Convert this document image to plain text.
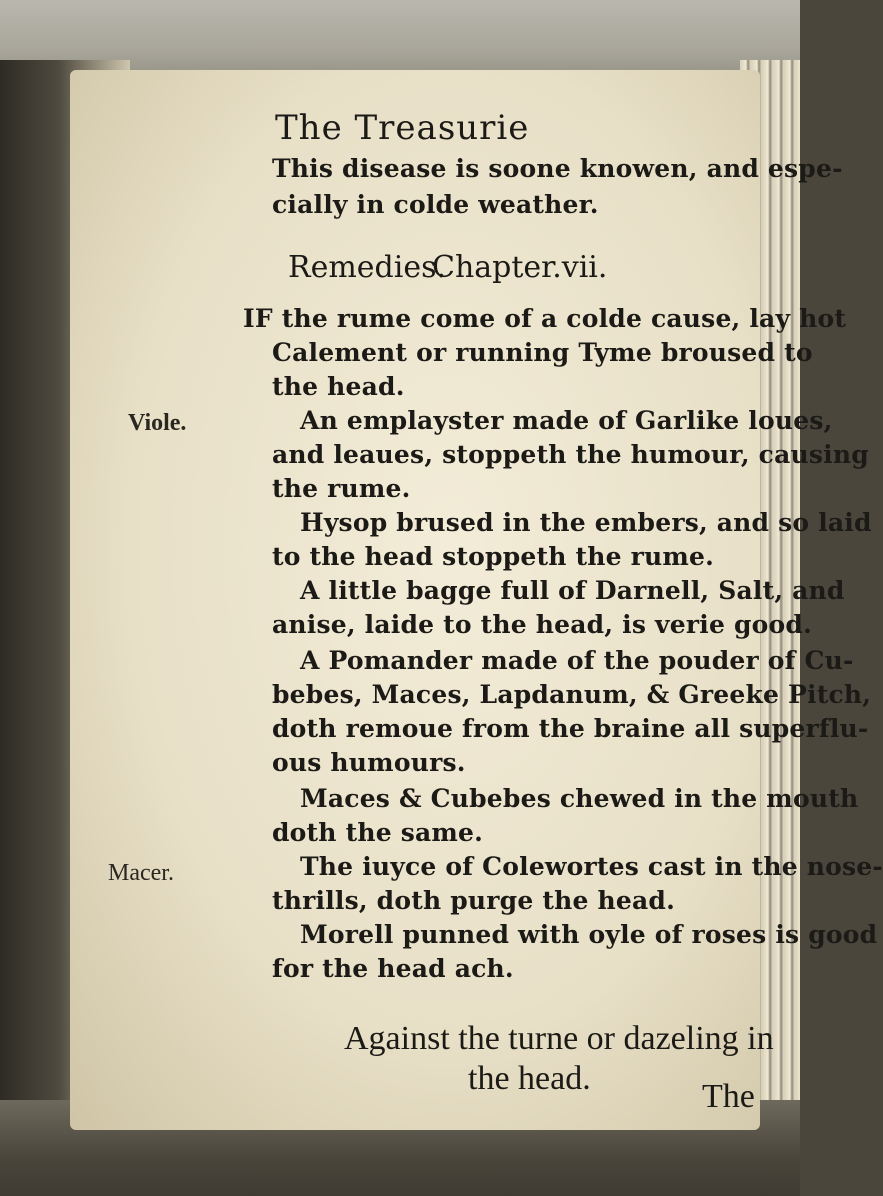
The Treasurie
This disease is soone knowen, and espe-
cially in colde weather.
Remedies.
Chapter.vii.
IF the rume come of a colde cause, lay hot
Calement or running Tyme broused to
the head.
An emplayster made of Garlike loues,
and leaues, stoppeth the humour, causing
the rume.
Hysop brused in the embers, and so laid
to the head stoppeth the rume.
A little bagge full of Darnell, Salt, and
anise, laide to the head, is verie good.
A Pomander made of the pouder of Cu-
bebes, Maces, Lapdanum, & Greeke Pitch,
doth remoue from the braine all superflu-
ous humours.
Maces & Cubebes chewed in the mouth
doth the same.
The iuyce of Colewortes cast in the nose-
thrills, doth purge the head.
Morell punned with oyle of roses is good
for the head ach.
Viole.
Macer.
Against the turne or dazeling in
the head.	The
